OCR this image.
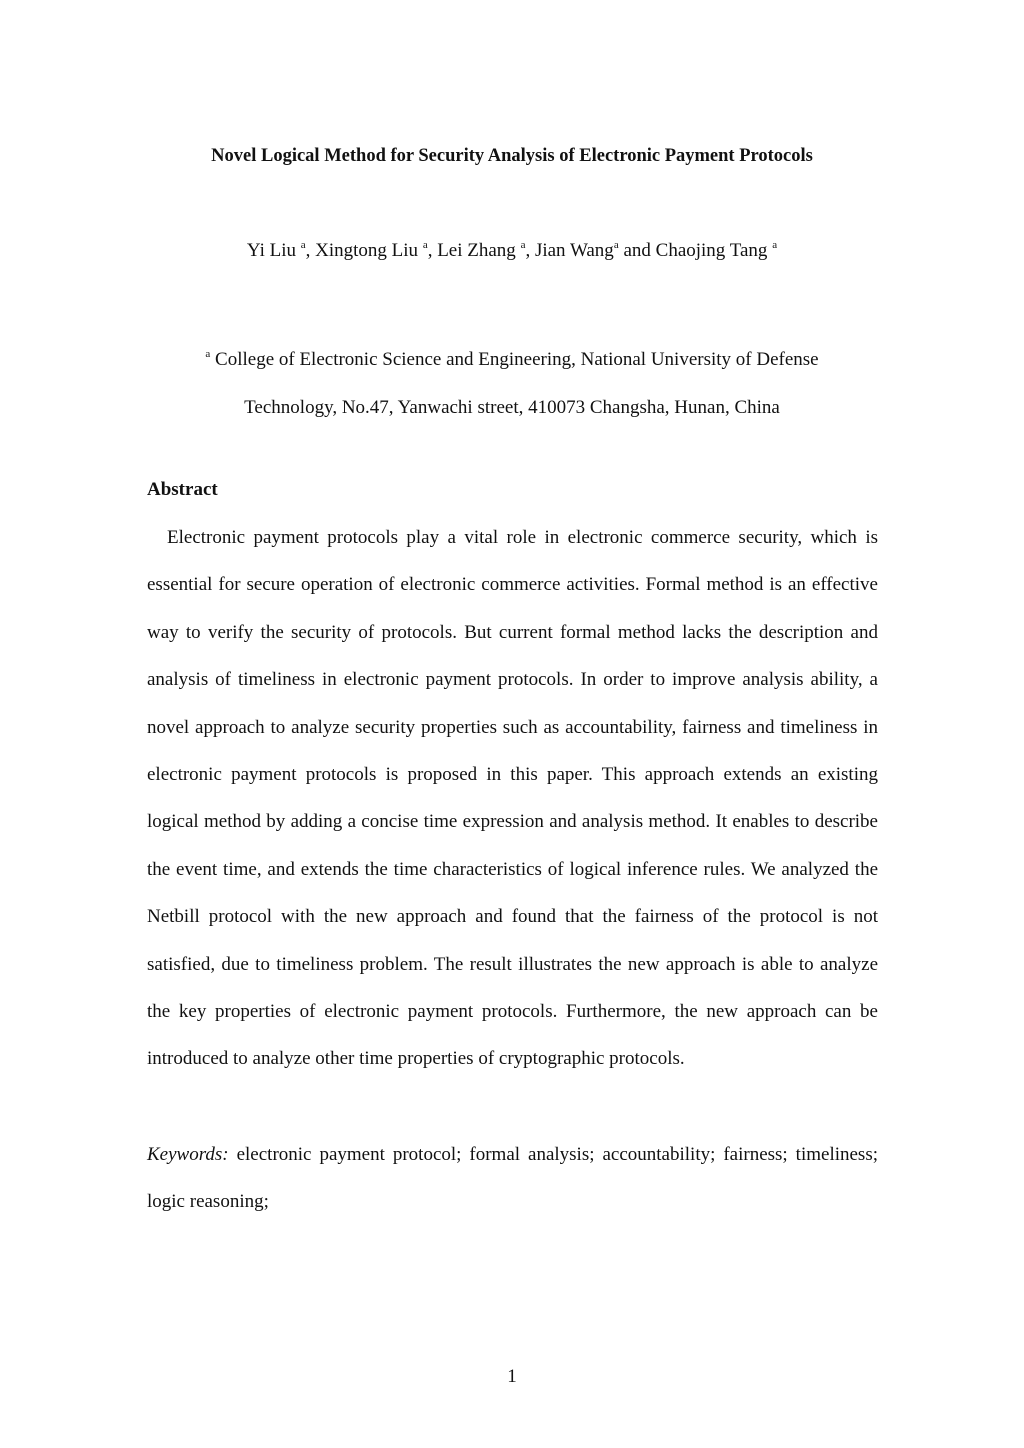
Novel Logical Method for Security Analysis of Electronic Payment Protocols
Yi Liu $^a$, Xingtong Liu $^a$, Lei Zhang $^a$, Jian Wang$^a$ and Chaojing Tang $^a$
$^a$ College of Electronic Science and Engineering, National University of Defense
Technology, No.47, Yanwachi street, 410073 Changsha, Hunan, China
Abstract

Electronic payment protocols play a vital role in electronic commerce security, which is essential for secure operation of electronic commerce activities. Formal method is an effective way to verify the security of protocols. But current formal method lacks the description and analysis of timeliness in electronic payment protocols. In order to improve analysis ability, a novel approach to analyze security properties such as accountability, fairness and timeliness in electronic payment protocols is proposed in this paper. This approach extends an existing logical method by adding a concise time expression and analysis method. It enables to describe the event time, and extends the time characteristics of logical inference rules. We analyzed the Netbill protocol with the new approach and found that the fairness of the protocol is not satisfied, due to timeliness problem. The result illustrates the new approach is able to analyze the key properties of electronic payment protocols. Furthermore, the new approach can be introduced to analyze other time properties of cryptographic protocols.

Keywords: electronic payment protocol; formal analysis; accountability; fairness; timeliness; logic reasoning;

1
